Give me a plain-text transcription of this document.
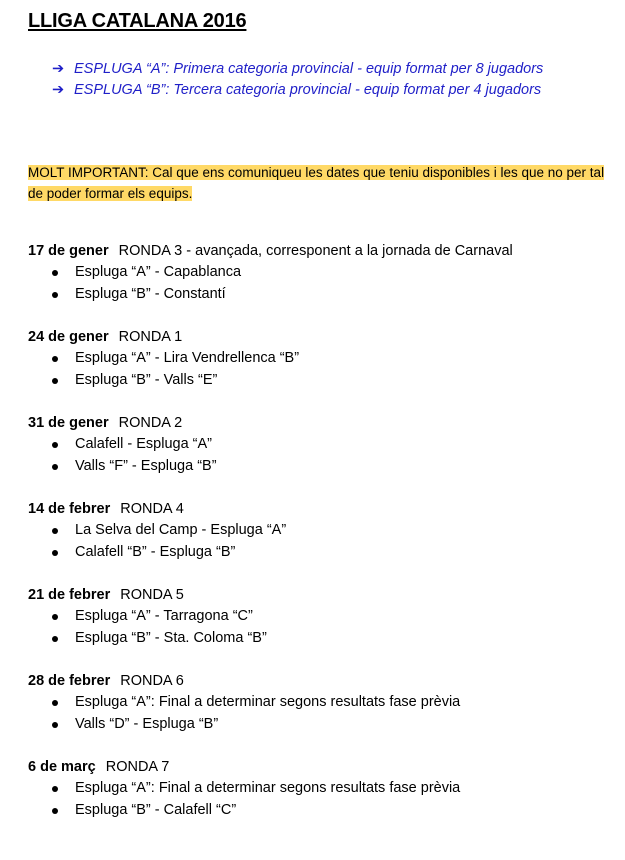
LLIGA CATALANA 2016
➔ ESPLUGA “A”: Primera categoria provincial - equip format per 8 jugadors
➔ ESPLUGA “B”: Tercera categoria provincial - equip format per 4 jugadors

MOLT IMPORTANT: Cal que ens comuniqueu les dates que teniu disponibles i les que no per tal de poder formar els equips.

17 de gener RONDA 3 - avançada, corresponent a la jornada de Carnaval
Espluga “A” - Capablanca
Espluga “B” - Constantí
24 de gener RONDA 1
Espluga “A” - Lira Vendrellenca “B”
Espluga “B” - Valls “E”
31 de gener RONDA 2
Calafell - Espluga “A”
Valls “F” - Espluga “B”
14 de febrer RONDA 4
La Selva del Camp - Espluga “A”
Calafell “B” - Espluga “B”
21 de febrer RONDA 5
Espluga “A” - Tarragona “C”
Espluga “B” - Sta. Coloma “B”
28 de febrer RONDA 6
Espluga “A”: Final a determinar segons resultats fase prèvia
Valls “D” - Espluga “B”
6 de març RONDA 7
Espluga “A”: Final a determinar segons resultats fase prèvia
Espluga “B” - Calafell “C”
